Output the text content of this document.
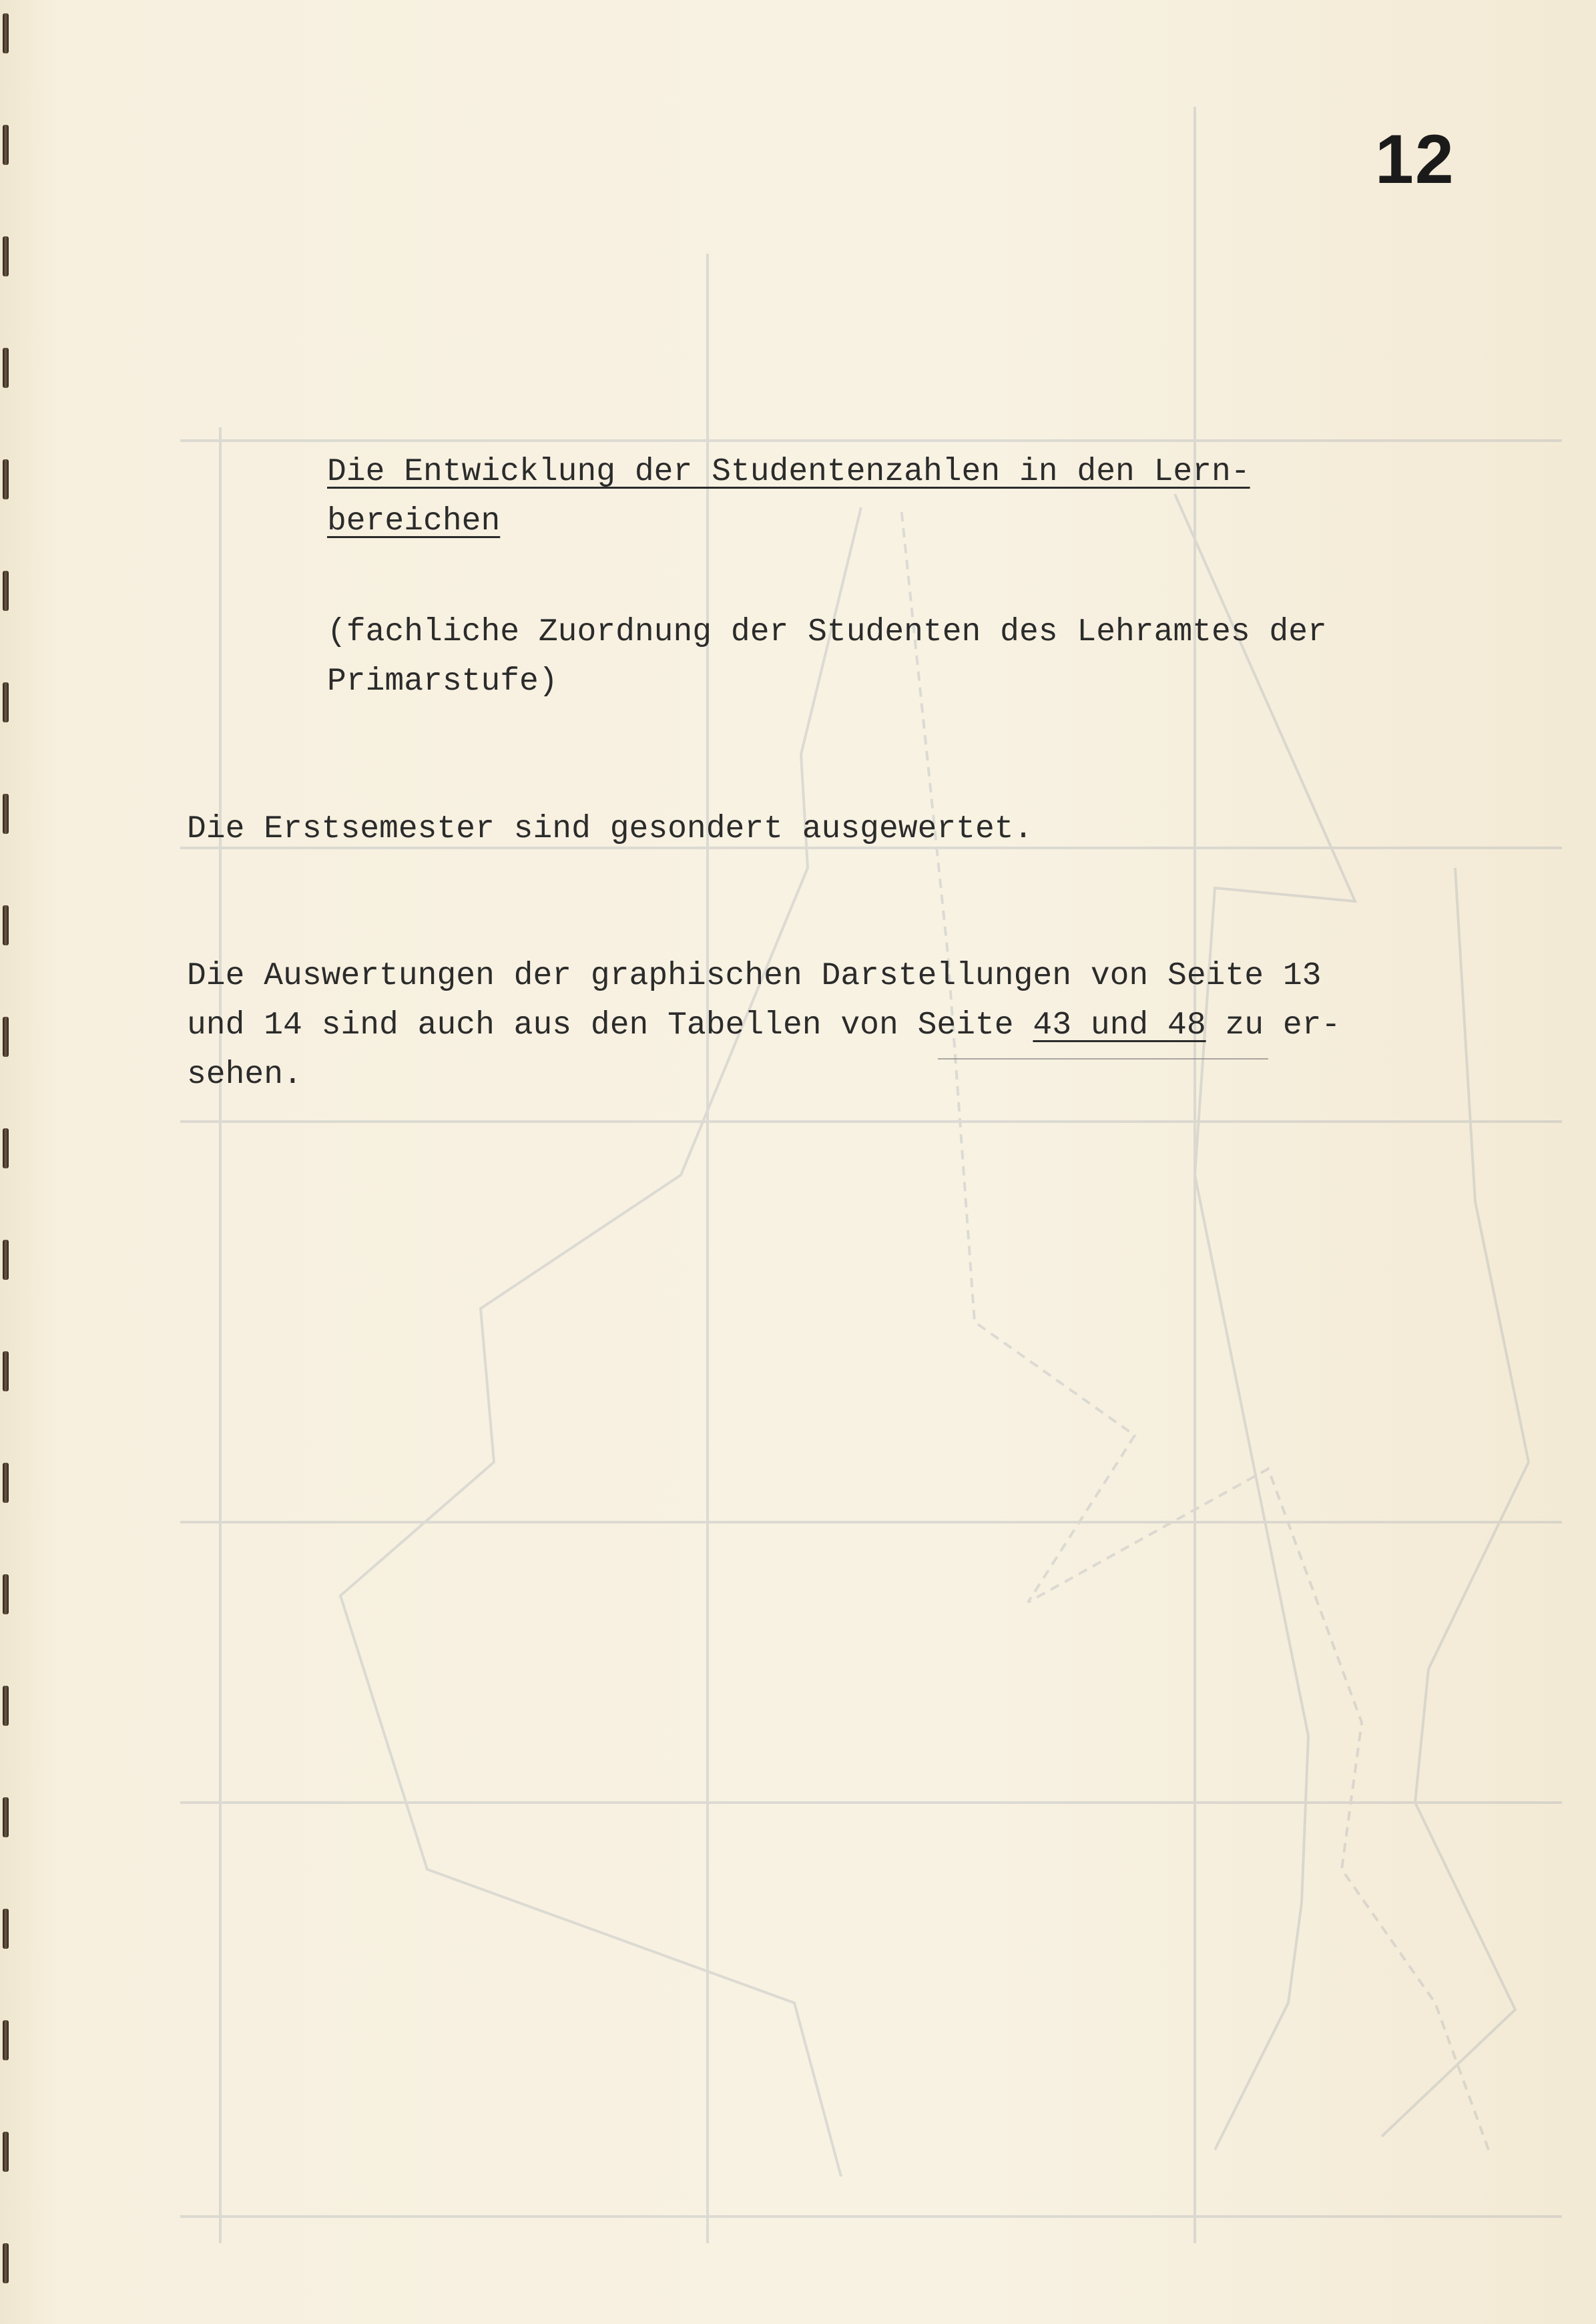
12

Die Entwicklung der Studentenzahlen in den Lern-

bereichen

(fachliche Zuordnung der Studenten des Lehramtes der

Primarstufe)

Die Erstsemester sind gesondert ausgewertet.

Die Auswertungen der graphischen Darstellungen von Seite 13

und 14 sind auch aus den Tabellen von Seite 43 und 48 zu er-

sehen.
